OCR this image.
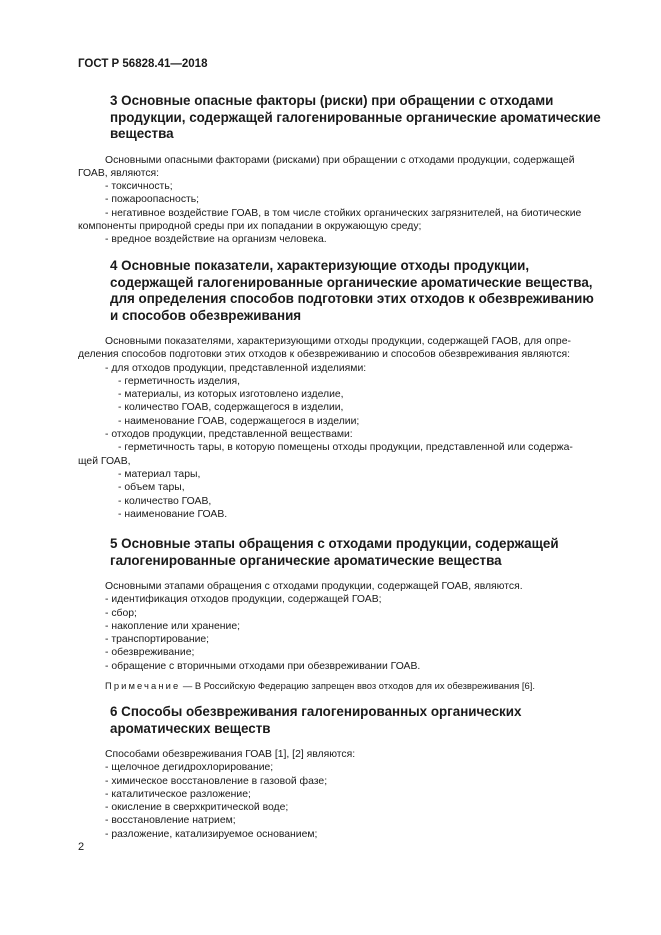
ГОСТ Р 56828.41—2018
3 Основные опасные факторы (риски) при обращении с отходами
продукции, содержащей галогенированные органические ароматические
вещества
Основными опасными факторами (рисками) при обращении с отходами продукции, содержащей
ГОАВ, являются:
- токсичность;
- пожароопасность;
- негативное воздействие ГОАВ, в том числе стойких органических загрязнителей, на биотические
компоненты природной среды при их попадании в окружающую среду;
- вредное воздействие на организм человека.
4 Основные показатели, характеризующие отходы продукции,
содержащей галогенированные органические ароматические вещества,
для определения способов подготовки этих отходов к обезвреживанию
и способов обезвреживания
Основными показателями, характеризующими отходы продукции, содержащей ГАОВ, для опре-
деления способов подготовки этих отходов к обезвреживанию и способов обезвреживания являются:
- для отходов продукции, представленной изделиями:
- герметичность изделия,
- материалы, из которых изготовлено изделие,
- количество ГОАВ, содержащегося в изделии,
- наименование ГОАВ, содержащегося в изделии;
- отходов продукции, представленной веществами:
- герметичность тары, в которую помещены отходы продукции, представленной или содержа-
щей ГОАВ,
- материал тары,
- объем тары,
- количество ГОАВ,
- наименование ГОАВ.
5 Основные этапы обращения с отходами продукции, содержащей
галогенированные органические ароматические вещества
Основными этапами обращения с отходами продукции, содержащей ГОАВ, являются.
- идентификация отходов продукции, содержащей ГОАВ;
- сбор;
- накопление или хранение;
- транспортирование;
- обезвреживание;
- обращение с вторичными отходами при обезвреживании ГОАВ.
Примечание — В Российскую Федерацию запрещен ввоз отходов для их обезвреживания [6].
6 Способы обезвреживания галогенированных органических
ароматических веществ
Способами обезвреживания ГОАВ [1], [2] являются:
- щелочное дегидрохлорирование;
- химическое восстановление в газовой фазе;
- каталитическое разложение;
- окисление в сверхкритической воде;
- восстановление натрием;
- разложение, катализируемое основанием;
2
